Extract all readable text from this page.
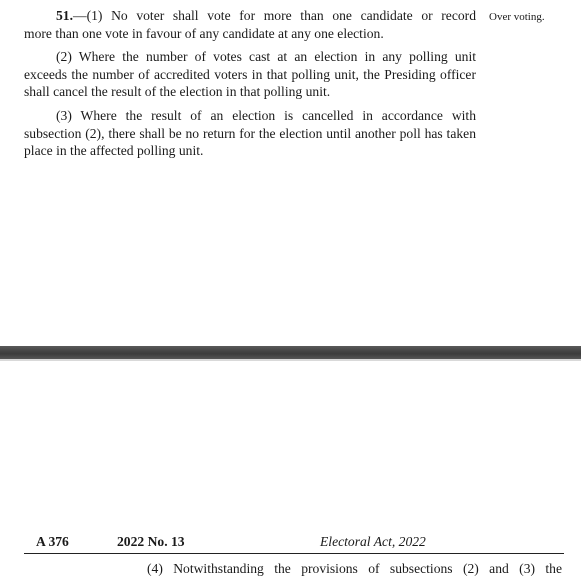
51.—(1) No voter shall vote for more than one candidate or record
more than one vote in favour of any candidate at any one election.
(2) Where the number of votes cast at an election in any polling unit
exceeds the number of accredited voters in that polling unit, the Presiding officer shall cancel the result of the election in that polling unit.
(3) Where the result of an election is cancelled in accordance with
subsection (2), there shall be no return for the election until another poll has taken place in the affected polling unit.
Over voting.
A 376	2022 No. 13	Electoral Act, 2022
(4) Notwithstanding the provisions of subsections (2) and (3) the
